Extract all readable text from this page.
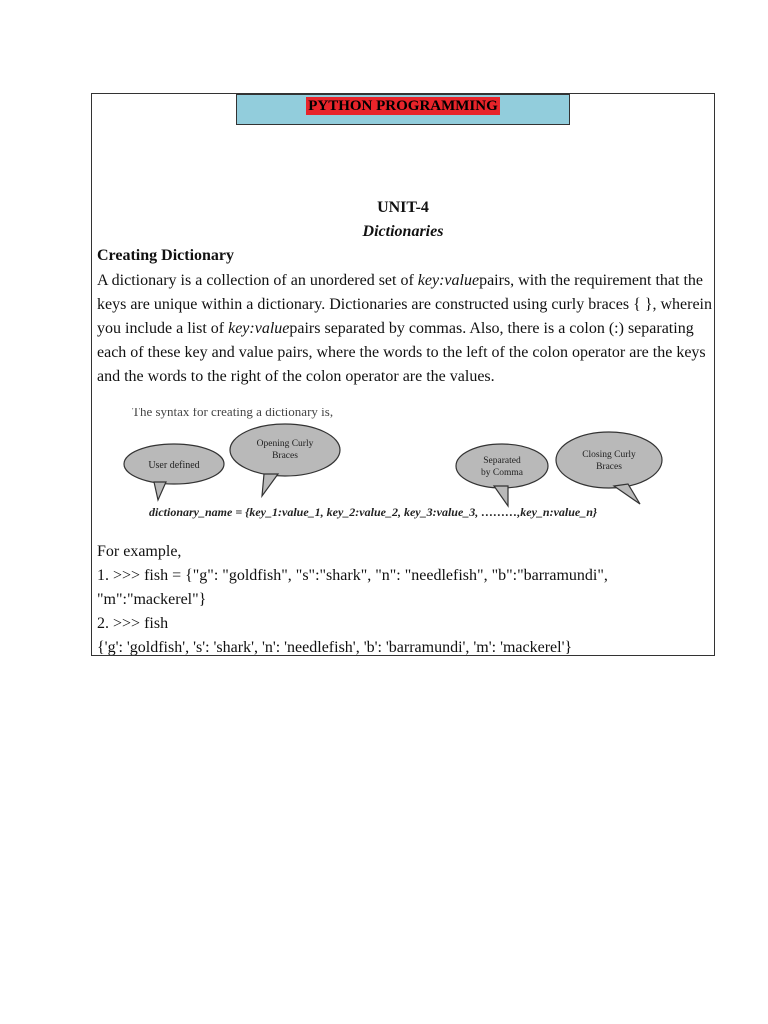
PYTHON PROGRAMMING
UNIT-4
Dictionaries
Creating Dictionary
A dictionary is a collection of an unordered set of key:valuepairs, with the requirement that the keys are unique within a dictionary. Dictionaries are constructed using curly braces { }, wherein you include a list of key:valuepairs separated by commas. Also, there is a colon (:) separating each of these key and value pairs, where the words to the left of the colon operator are the keys and the words to the right of the colon operator are the values.
The syntax for creating a dictionary is,
User defined
Opening Curly
Braces	Separated
by Comma
Closing Curly
Braces
dictionary_name = {key_1:value_1, key_2:value_2, key_3:value_3, ………,key_n:value_n}
For example,
1. >>> fish = {"g": "goldfish", "s":"shark", "n": "needlefish", "b":"barramundi",
"m":"mackerel"}
2. >>> fish
{'g': 'goldfish', 's': 'shark', 'n': 'needlefish', 'b': 'barramundi', 'm': 'mackerel'}
